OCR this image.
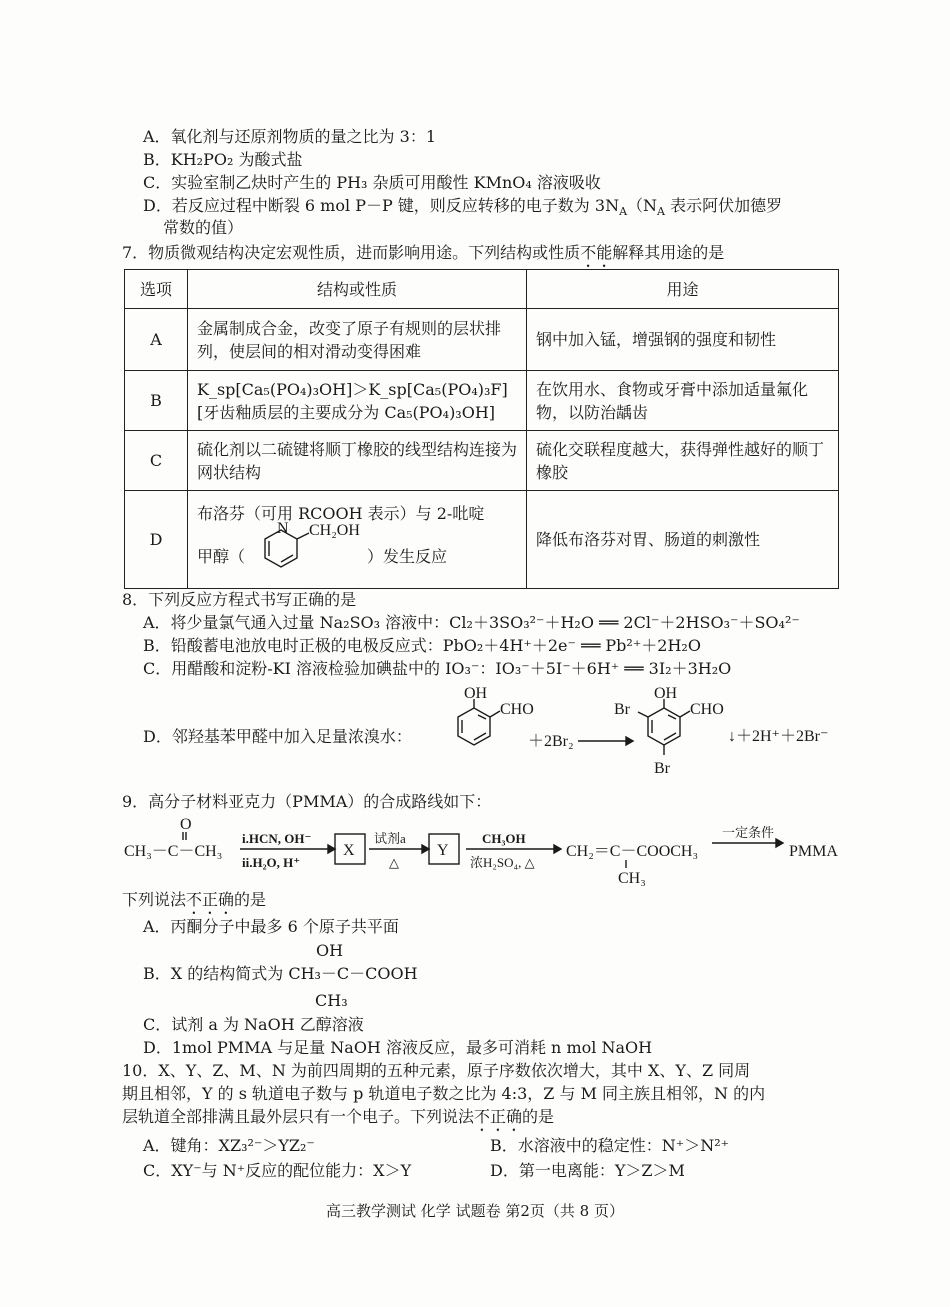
A．氧化剂与还原剂物质的量之比为 3：1
B．KH₂PO₂ 为酸式盐
C．实验室制乙炔时产生的 PH₃ 杂质可用酸性 KMnO₄ 溶液吸收
D．若反应过程中断裂 6 mol P－P 键，则反应转移的电子数为 $3N_A(N_A$ 表示阿伏加德罗
常数的值）
7．物质微观结构决定宏观性质，进而影响用途。下列结构或性质不能解释其用途的是
选项	结构或性质	用途
A	金属制成合金，改变了原子有规则的层状排列，使层间的相对滑动变得困难	钢中加入锰，增强钢的强度和韧性
B	K_sp[Ca₅(PO₄)₃OH]＞K_sp[Ca₅(PO₄)₃F][牙齿釉质层的主要成分为 Ca₅(PO₄)₃OH]	在饮用水、食物或牙膏中添加适量氟化物，以防治龋齿
C	硫化剂以二硫键将顺丁橡胶的线型结构连接为网状结构	硫化交联程度越大，获得弹性越好的顺丁橡胶
D	布洛芬（可用 RCOOH 表示）与 2-吡啶
甲醇（
N CH₂OH
）发生反应	降低布洛芬对胃、肠道的刺激性
8．下列反应方程式书写正确的是
A．将少量氯气通入过量 Na₂SO₃ 溶液中：Cl₂＋3SO₃²⁻＋H₂O ══ 2Cl⁻＋2HSO₃⁻＋SO₄²⁻
B．铅酸蓄电池放电时正极的电极反应式：PbO₂＋4H⁺＋2e⁻ ══ Pb²⁺＋2H₂O
C．用醋酸和淀粉-KI 溶液检验加碘盐中的 IO₃⁻：IO₃⁻＋5I⁻＋6H⁺ ══ 3I₂＋3H₂O
D．邻羟基苯甲醛中加入足量浓溴水：
OH
CHO
＋2Br₂
OH
CHO
Br
Br
↓＋2H⁺＋2Br⁻
9．高分子材料亚克力（PMMA）的合成路线如下：
O
CH₃－C－CH₃
i.HCN, OH⁻
ii.H₂O, H⁺
X
试剂a
△
Y
CH₃OH
浓H₂SO₄, △
CH₂＝C－COOCH₃
CH₃
一定条件
PMMA
下列说法不正确的是
A．丙酮分子中最多 6 个原子共平面
OH
B．X 的结构简式为 CH₃－C－COOH
CH₃
C．试剂 a 为 NaOH 乙醇溶液
D．1mol PMMA 与足量 NaOH 溶液反应，最多可消耗 n mol NaOH
10．X、Y、Z、M、N 为前四周期的五种元素，原子序数依次增大，其中 X、Y、Z 同周
期且相邻，Y 的 s 轨道电子数与 p 轨道电子数之比为 4:3，Z 与 M 同主族且相邻，N 的内
层轨道全部排满且最外层只有一个电子。下列说法不正确的是
A．键角：XZ₃²⁻＞YZ₂⁻	B．水溶液中的稳定性：N⁺＞N²⁺
C．XY⁻与 N⁺反应的配位能力：X＞Y	D．第一电离能：Y＞Z＞M
高三教学测试 化学 试题卷 第2页（共 8 页）
